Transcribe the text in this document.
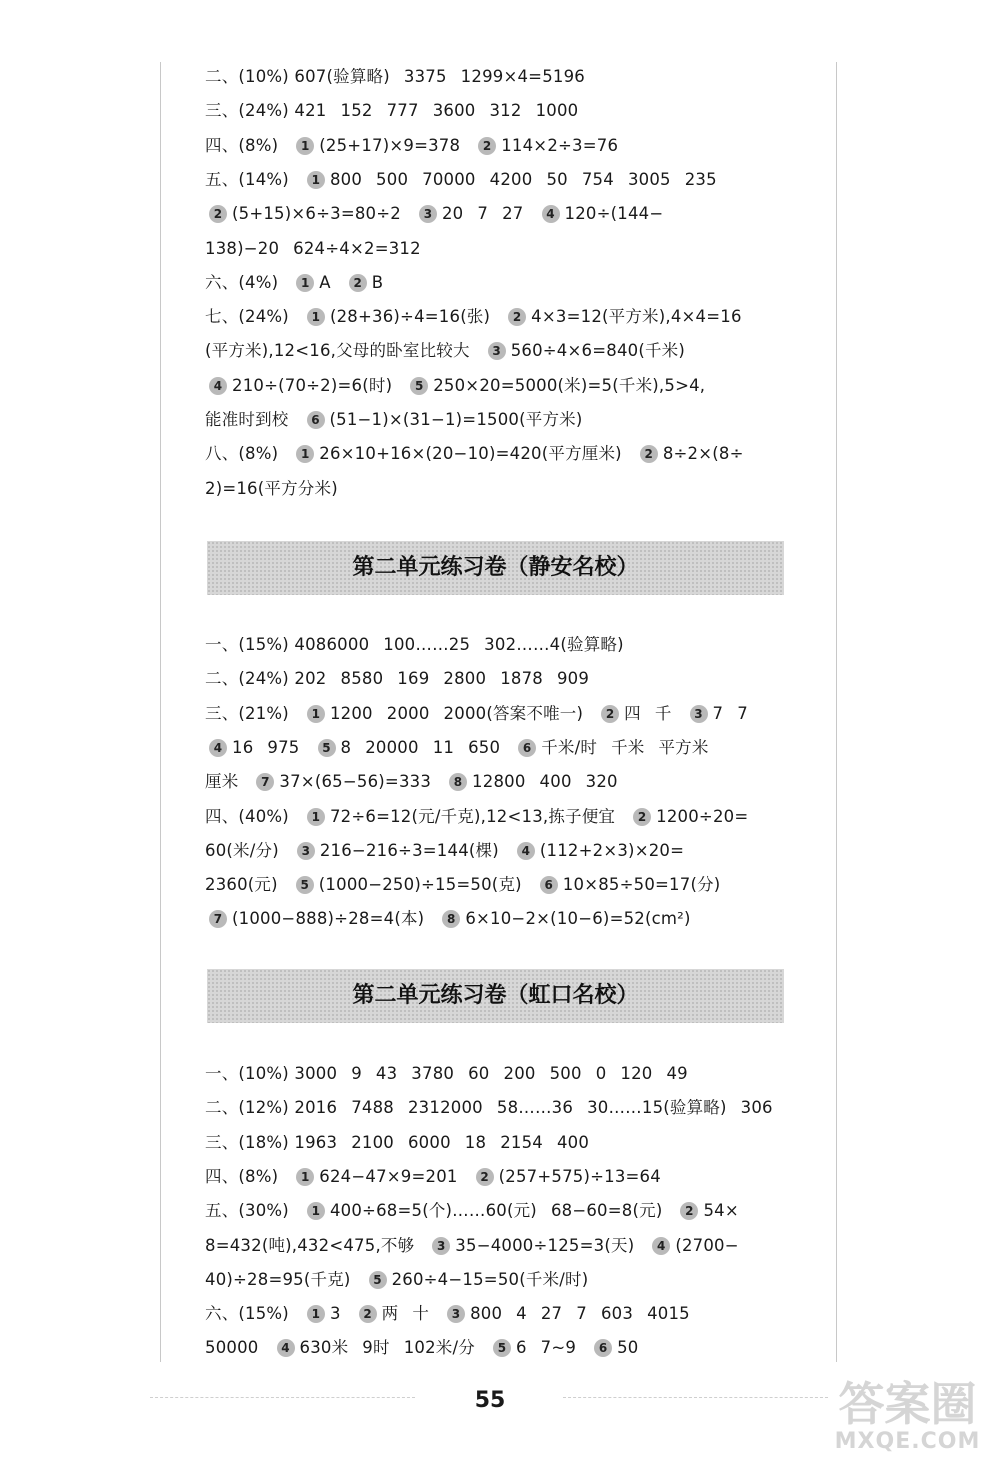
二、(10%) 607(验算略) 3375 1299×4=5196
三、(24%) 421 152 777 3600 312 1000
四、(8%) 1 (25+17)×9=378 2 114×2÷3=76
五、(14%) 1 800 500 70000 4200 50 754 3005 235
2 (5+15)×6÷3=80÷2 3 20 7 27 4 120÷(144−
138)−20 624÷4×2=312
六、(4%) 1 A 2 B
七、(24%) 1 (28+36)÷4=16(张) 2 4×3=12(平方米),4×4=16
(平方米),12<16,父母的卧室比较大 3 560÷4×6=840(千米)
4 210÷(70÷2)=6(时) 5 250×20=5000(米)=5(千米),5>4,
能准时到校 6 (51−1)×(31−1)=1500(平方米)
八、(8%) 1 26×10+16×(20−10)=420(平方厘米) 2 8÷2×(8÷
2)=16(平方分米)
第二单元练习卷（静安名校）
一、(15%) 4086000 100……25 302……4(验算略)
二、(24%) 202 8580 169 2800 1878 909
三、(21%) 1 1200 2000 2000(答案不唯一) 2 四 千 3 7 7
4 16 975 5 8 20000 11 650 6 千米/时 千米 平方米
厘米 7 37×(65−56)=333 8 12800 400 320
四、(40%) 1 72÷6=12(元/千克),12<13,拣子便宜 2 1200÷20=
60(米/分) 3 216−216÷3=144(棵) 4 (112+2×3)×20=
2360(元) 5 (1000−250)÷15=50(克) 6 10×85÷50=17(分)
7 (1000−888)÷28=4(本) 8 6×10−2×(10−6)=52(cm²)
第二单元练习卷（虹口名校）
一、(10%) 3000 9 43 3780 60 200 500 0 120 49
二、(12%) 2016 7488 2312000 58……36 30……15(验算略) 306
三、(18%) 1963 2100 6000 18 2154 400
四、(8%) 1 624−47×9=201 2 (257+575)÷13=64
五、(30%) 1 400÷68=5(个)……60(元) 68−60=8(元) 2 54×
8=432(吨),432<475,不够 3 35−4000÷125=3(天) 4 (2700−
40)÷28=95(千克) 5 260÷4−15=50(千米/时)
六、(15%) 1 3 2 两 十 3 800 4 27 7 603 4015
50000 4 630米 9时 102米/分 5 6 7~9 6 50
55	答案圈
MXQE.COM
